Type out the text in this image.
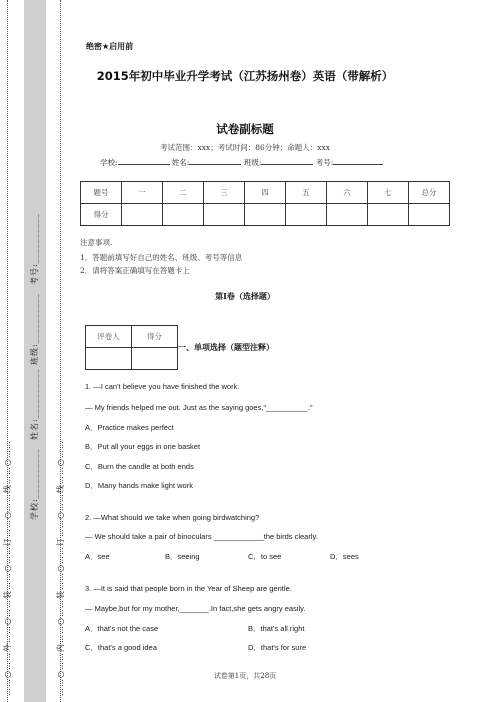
……○……外……○……装……○……订……○……线……○……	……○……内……○……装……○……订……○……线……○……
学校:__________
姓名:__________
班级:__________
考号:__________
绝密★启用前
2015年初中毕业升学考试（江苏扬州卷）英语（带解析）
试卷副标题
考试范围：xxx；考试时间：86分钟；命题人：xxx
学校:	姓名:	班级:	考号:
题号	一	二	三	四	五	六	七	总分
得分								
注意事项.
1．答题前填写好自己的姓名、班级、考号等信息
2．请将答案正确填写在答题卡上
第I卷（选择题）
评卷人	得分

一、单项选择（题型注释）
1. —I can't believe you have finished the work.
— My friends helped me out. Just as the saying goes,"__________."
A．Practice makes perfect
B．Put all your eggs in one basket
C．Burn the candle at both ends
D．Many hands make light work
2. —What should we take when going birdwatching?
— We should take a pair of binoculars ____________the birds clearly.
A．see	B．seeing	C．to see	D．sees
3. —It is said that people born in the Year of Sheep are gentle.
— Maybe,but for my mother,_______.In fact,she gets angry easily.
A．that's not the case	B．that's all right
C．that's a good idea	D．that's for sure
试卷第1页，共28页
